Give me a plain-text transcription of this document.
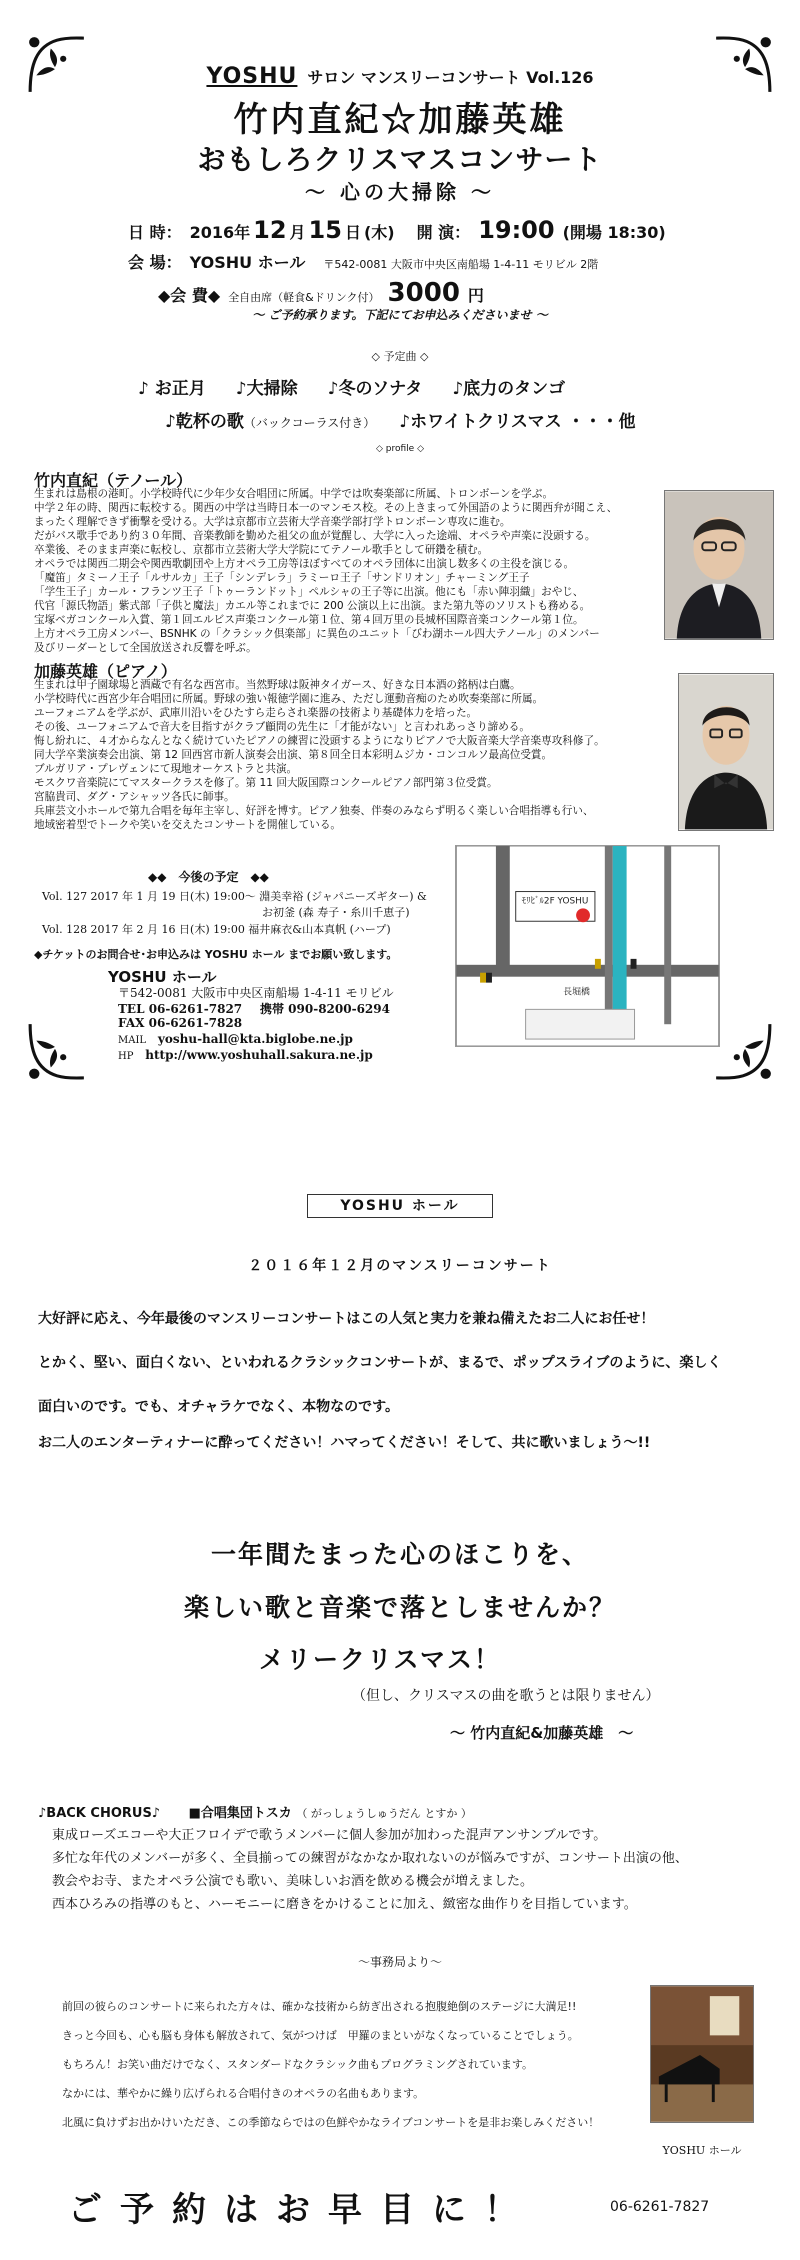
YOSHU サロン マンスリーコンサート Vol.126
竹内直紀☆加藤英雄
おもしろクリスマスコンサート
～ 心の大掃除 ～
日 時： 2016年 12 月 15 日 (木) 開 演： 19:00 (開場 18:30)
会 場： YOSHU ホール 〒542-0081 大阪市中央区南船場 1-4-11 モリビル 2階
◆会 費◆ 全自由席（軽食&ドリンク付） 3000 円
～ ご予約承ります。下記にてお申込みくださいませ ～
◇ 予定曲 ◇
♪ お正月 ♪大掃除 ♪冬のソナタ ♪底力のタンゴ
♪乾杯の歌（バックコーラス付き） ♪ホワイトクリスマス ・・・他
◇ profile ◇
竹内直紀（テノール）
生まれは島根の港町。小学校時代に少年少女合唱団に所属。中学では吹奏楽部に所属、トロンボーンを学ぶ。
中学２年の時、関西に転校する。関西の中学は当時日本一のマンモス校。その上きまって外国語のように関西弁が聞こえ、
まったく理解できず衝撃を受ける。大学は京都市立芸術大学音楽学部打学トロンボーン専攻に進む。
だがバス歌手であり約３０年間、音楽教師を勤めた祖父の血が覚醒し、大学に入った途端、オペラや声楽に没頭する。
卒業後、そのまま声楽に転校し、京都市立芸術大学大学院にてテノール歌手として研鑽を積む。
オペラでは関西二期会や関西歌劇団や上方オペラ工房等ほぼすべてのオペラ団体に出演し数多くの主役を演じる。
「魔笛」タミーノ王子「ルサルカ」王子「シンデレラ」ラミーロ王子「サンドリオン」チャーミング王子
「学生王子」カール・フランツ王子「トゥーランドット」ペルシャの王子等に出演。他にも「赤い陣羽織」おやじ、
代官「源氏物語」紫式部「子供と魔法」カエル等これまでに 200 公演以上に出演。また第九等のソリストも務める。
宝塚ベガコンクール入賞、第１回エルビス声楽コンクール第１位、第４回万里の長城杯国際音楽コンクール第１位。
上方オペラ工房メンバー、BSNHK の「クラシック倶楽部」に異色のユニット「びわ湖ホール四大テノール」のメンバー
及びリーダーとして全国放送され反響を呼ぶ。
加藤英雄（ピアノ）
生まれは甲子園球場と酒蔵で有名な西宮市。当然野球は阪神タイガース、好きな日本酒の銘柄は白鷹。
小学校時代に西宮少年合唱団に所属。野球の強い報徳学園に進み、ただし運動音痴のため吹奏楽部に所属。
ユーフォニアムを学ぶが、武庫川沿いをひたすら走らされ楽器の技術より基礎体力を培った。
その後、ユーフォニアムで音大を目指すがクラブ顧問の先生に「才能がない」と言われあっさり諦める。
悔し紛れに、４才からなんとなく続けていたピアノの練習に没頭するようになりピアノで大阪音楽大学音楽専攻科修了。
同大学卒業演奏会出演、第 12 回西宮市新人演奏会出演、第８回全日本彩明ムジカ・コンコルソ最高位受賞。
ブルガリア・プレヴェンにて現地オーケストラと共演。
モスクワ音楽院にてマスタークラスを修了。第 11 回大阪国際コンクールピアノ部門第３位受賞。
宮脇貴司、ダグ・アシャッツ各氏に師事。
兵庫芸文小ホールで第九合唱を毎年主宰し、好評を博す。ピアノ独奏、伴奏のみならず明るく楽しい合唱指導も行い、
地域密着型でトークや笑いを交えたコンサートを開催している。
◆◆　今後の予定　◆◆
Vol. 127 2017 年 1 月 19 日(木) 19:00～ 淵美幸裕 (ジャパニーズギター) &
お初釜 (森 寿子・糸川千恵子)
Vol. 128 2017 年 2 月 16 日(木) 19:00 福井麻衣&山本真帆 (ハープ)
◆チケットのお問合せ･お申込みは YOSHU ホール までお願い致します。
YOSHU ホール
〒542-0081 大阪市中央区南船場 1-4-11 モリビル
TEL 06-6261-7827 携帯 090-8200-6294
FAX 06-6261-7828
MAIL yoshu-hall@kta.biglobe.ne.jp
HP http://www.yoshuhall.sakura.ne.jp
ﾓﾘﾋﾞﾙ2F YOSHU
長堀橋
YOSHU ホール
２０１６年１２月のマンスリーコンサート
大好評に応え、今年最後のマンスリーコンサートはこの人気と実力を兼ね備えたお二人にお任せ！
とかく、堅い、面白くない、といわれるクラシックコンサートが、まるで、ポップスライブのように、楽しく
面白いのです。でも、オチャラケでなく、本物なのです。
お二人のエンターティナーに酔ってください！ハマってください！そして、共に歌いましょう～!!
一年間たまった心のほこりを、
楽しい歌と音楽で落としませんか？
メリークリスマス！
（但し、クリスマスの曲を歌うとは限りません）
～ 竹内直紀&加藤英雄　～
♪BACK CHORUS♪ ■合唱集団トスカ （ がっしょうしゅうだん とすか ）
東成ローズエコーや大正フロイデで歌うメンバーに個人参加が加わった混声アンサンブルです。
多忙な年代のメンバーが多く、全員揃っての練習がなかなか取れないのが悩みですが、コンサート出演の他、
教会やお寺、またオペラ公演でも歌い、美味しいお酒を飲める機会が増えました。
西本ひろみの指導のもと、ハーモニーに磨きをかけることに加え、緻密な曲作りを目指しています。
～事務局より～
前回の彼らのコンサートに来られた方々は、確かな技術から紡ぎ出される抱腹絶倒のステージに大満足!!
きっと今回も、心も脳も身体も解放されて、気がつけば　甲羅のまといがなくなっていることでしょう。
もちろん！お笑い曲だけでなく、スタンダードなクラシック曲もプログラミングされています。
なかには、華やかに繰り広げられる合唱付きのオペラの名曲もあります。
北風に負けずお出かけいただき、この季節ならではの色鮮やかなライブコンサートを是非お楽しみください！
YOSHU ホール
ご予約はお早目に！	06-6261-7827
